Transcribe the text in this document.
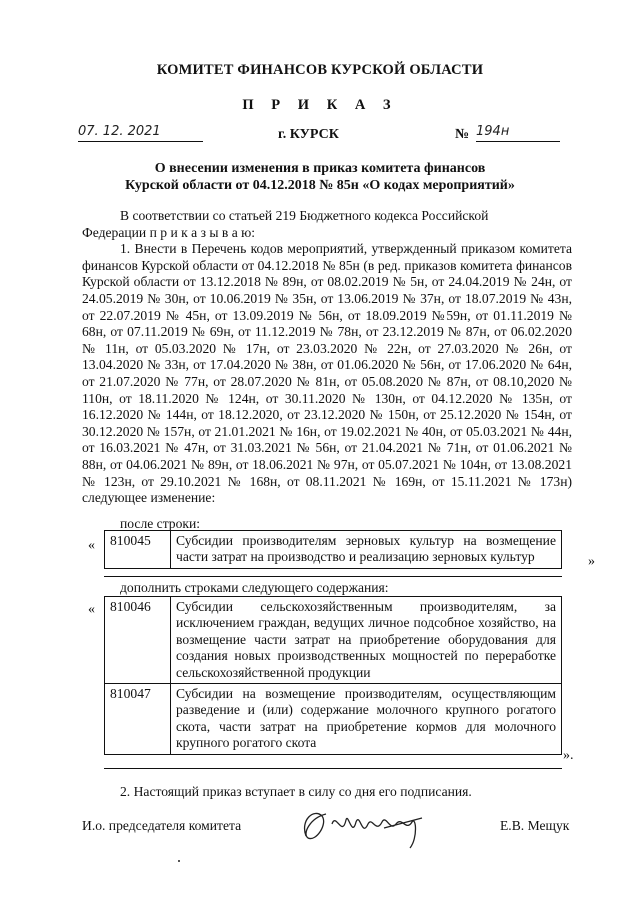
КОМИТЕТ ФИНАНСОВ КУРСКОЙ ОБЛАСТИ
П Р И К А З
07. 12. 2021	г. КУРСК	№ 194н
О внесении изменения в приказ комитета финансов
Курской области от 04.12.2018 № 85н «О кодах мероприятий»

В соответствии со статьей 219 Бюджетного кодекса Российской

Федерации п р и к а з ы в а ю:

1. Внести в Перечень кодов мероприятий, утвержденный приказом комитета финансов Курской области от 04.12.2018 № 85н (в ред. приказов комитета финансов Курской области от 13.12.2018 № 89н, от 08.02.2019 № 5н, от 24.04.2019 № 24н, от 24.05.2019 № 30н, от 10.06.2019 № 35н, от 13.06.2019 № 37н, от 18.07.2019 № 43н, от 22.07.2019 № 45н, от 13.09.2019 № 56н, от 18.09.2019 №59н, от 01.11.2019 № 68н, от 07.11.2019 № 69н, от 11.12.2019 № 78н, от 23.12.2019 № 87н, от 06.02.2020 № 11н, от 05.03.2020 № 17н, от 23.03.2020 № 22н, от 27.03.2020 № 26н, от 13.04.2020 № 33н, от 17.04.2020 № 38н, от 01.06.2020 № 56н, от 17.06.2020 № 64н, от 21.07.2020 № 77н, от 28.07.2020 № 81н, от 05.08.2020 № 87н, от 08.10,2020 № 110н, от 18.11.2020 № 124н, от 30.11.2020 № 130н, от 04.12.2020 № 135н, от 16.12.2020 № 144н, от 18.12.2020, от 23.12.2020 № 150н, от 25.12.2020 № 154н, от 30.12.2020 № 157н, от 21.01.2021 № 16н, от 19.02.2021 № 40н, от 05.03.2021 № 44н, от 16.03.2021 № 47н, от 31.03.2021 № 56н, от 21.04.2021 № 71н, от 01.06.2021 № 88н, от 04.06.2021 № 89н, от 18.06.2021 № 97н, от 05.07.2021 № 104н, от 13.08.2021 № 123н, от 29.10.2021 № 168н, от 08.11.2021 № 169н, от 15.11.2021 № 173н) следующее изменение:

после строки:
« 810045	Субсидии производителям зерновых культур на возмещение части затрат на производство и реализацию зерновых культур	»
дополнить строками следующего содержания:
« 810046	Субсидии сельскохозяйственным производителям, за исключением граждан, ведущих личное подсобное хозяйство, на возмещение части затрат на приобретение оборудования для создания новых производственных мощностей по переработке сельскохозяйственной продукции
810047	Субсидии на возмещение производителям, осуществляющим разведение и (или) содержание молочного крупного рогатого скота, части затрат на приобретение кормов для молочного крупного рогатого скота
».
2. Настоящий приказ вступает в силу со дня его подписания.
И.о. председателя комитета	Е.В. Мещук
